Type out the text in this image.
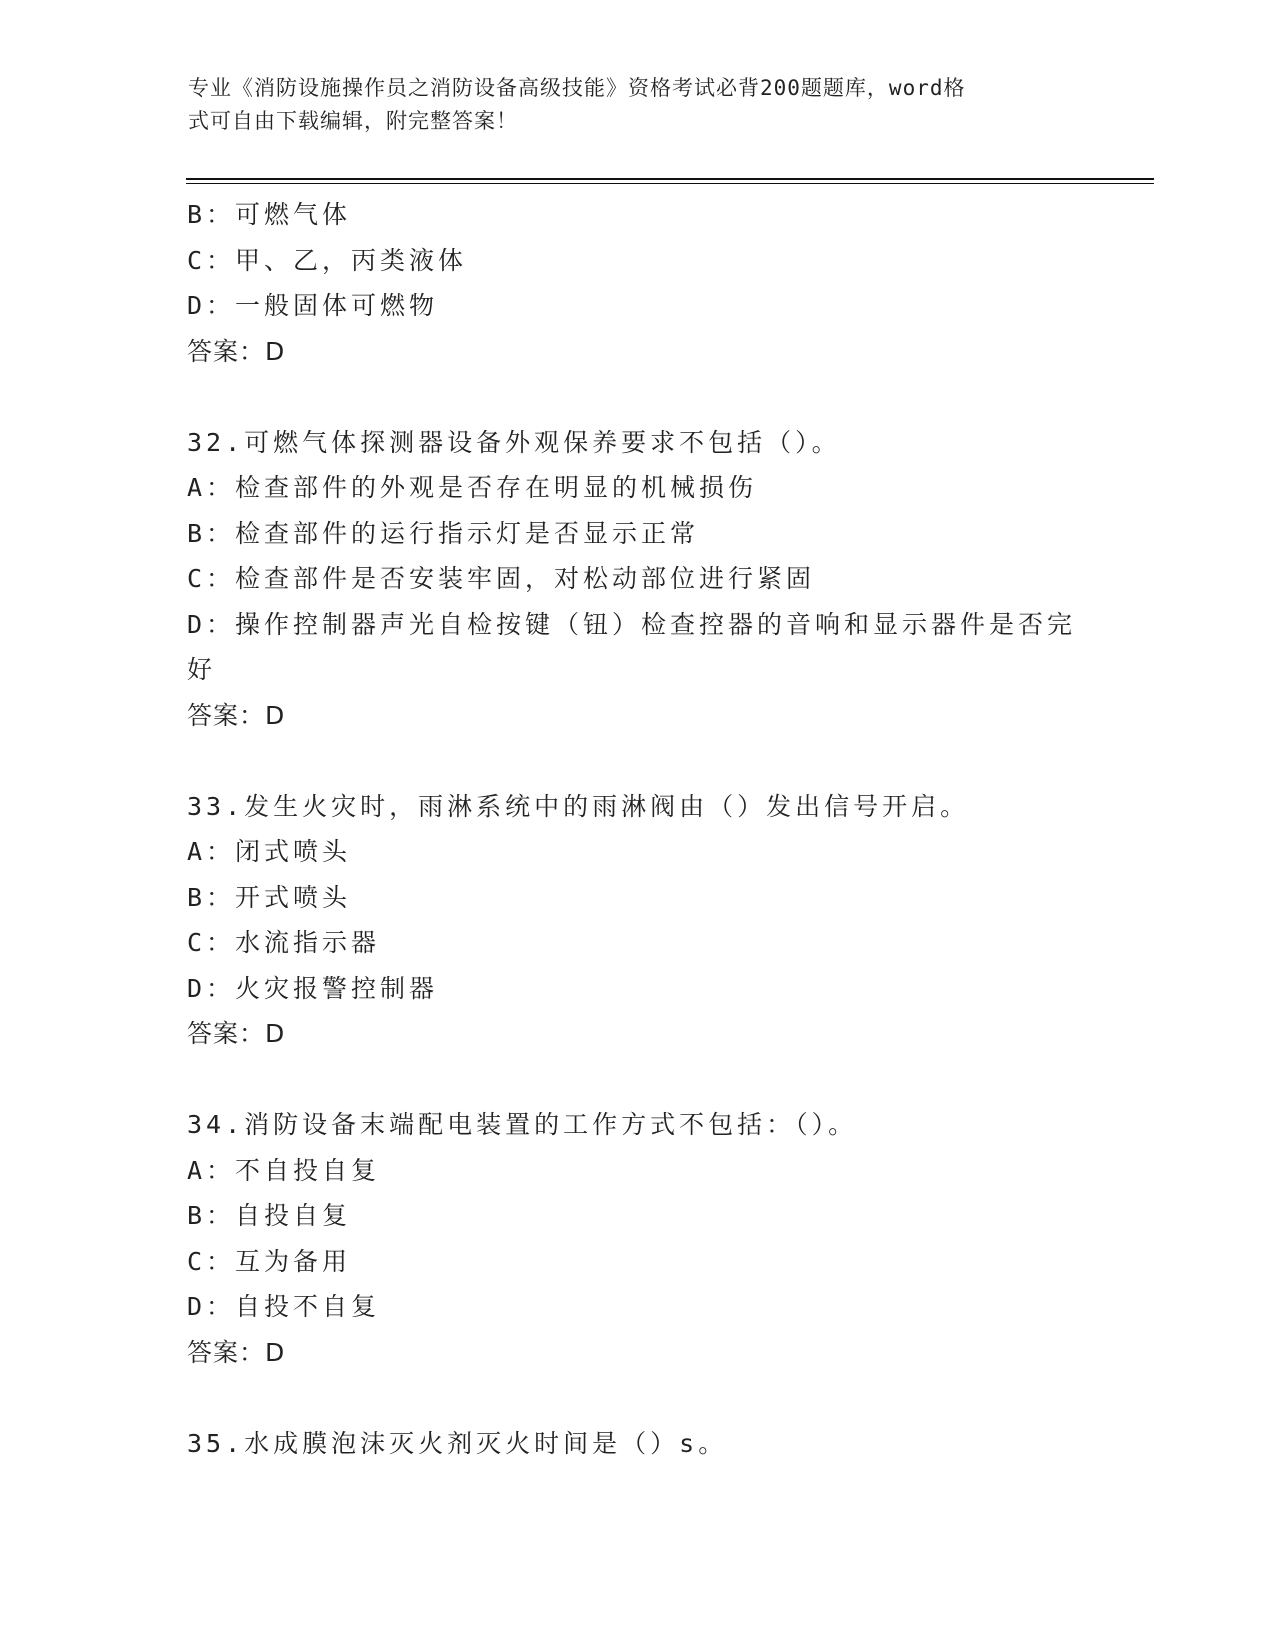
专业《消防设施操作员之消防设备高级技能》资格考试必背200题题库，word格
式可自由下载编辑，附完整答案！
B：可燃气体
C：甲、乙，丙类液体
D：一般固体可燃物
答案：D
32.可燃气体探测器设备外观保养要求不包括（）。
A：检查部件的外观是否存在明显的机械损伤
B：检查部件的运行指示灯是否显示正常
C：检查部件是否安装牢固，对松动部位进行紧固
D：操作控制器声光自检按键（钮）检查控器的音响和显示器件是否完好
答案：D
33.发生火灾时，雨淋系统中的雨淋阀由（）发出信号开启。
A：闭式喷头
B：开式喷头
C：水流指示器
D：火灾报警控制器
答案：D
34.消防设备末端配电装置的工作方式不包括：（）。
A：不自投自复
B：自投自复
C：互为备用
D：自投不自复
答案：D
35.水成膜泡沫灭火剂灭火时间是（）s。
